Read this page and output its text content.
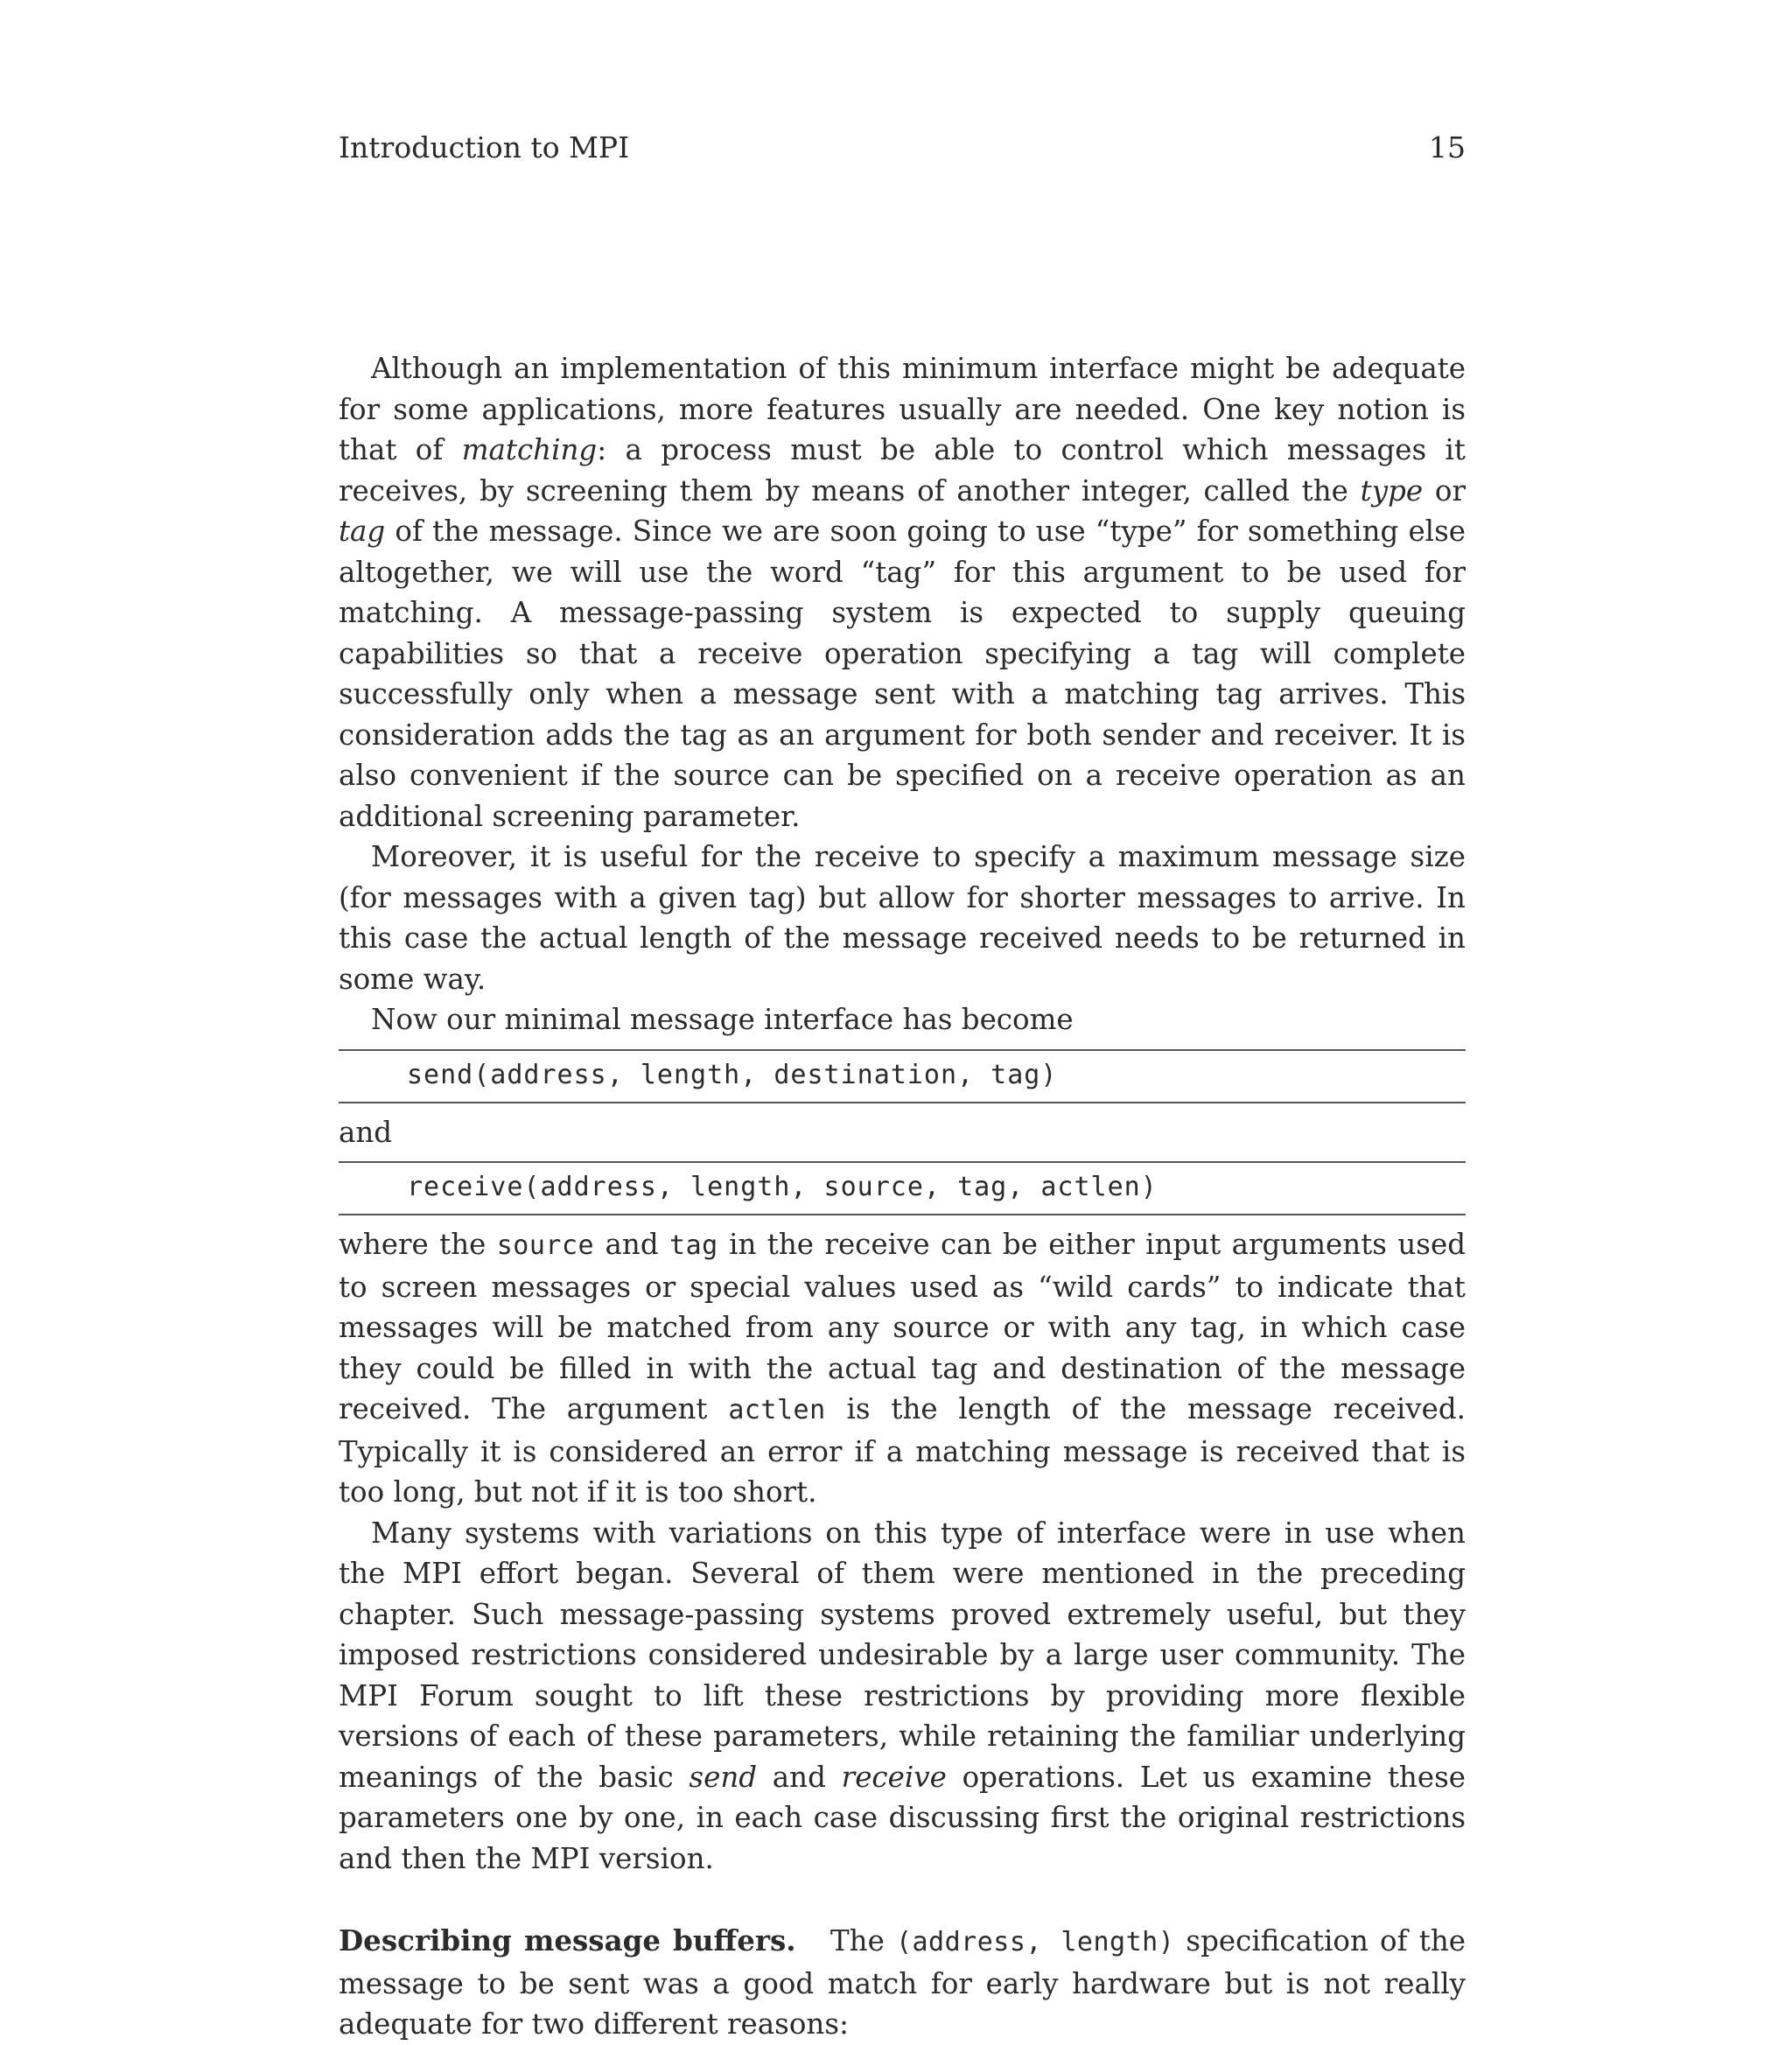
Introduction to MPI	15

Although an implementation of this minimum interface might be adequate for some applications, more features usually are needed. One key notion is that of matching: a process must be able to control which messages it receives, by screening them by means of another integer, called the type or tag of the message. Since we are soon going to use “type” for something else altogether, we will use the word “tag” for this argument to be used for matching. A message-passing system is expected to supply queuing capabilities so that a receive operation specifying a tag will complete successfully only when a message sent with a matching tag arrives. This consideration adds the tag as an argument for both sender and receiver. It is also convenient if the source can be specified on a receive operation as an additional screening parameter.

Moreover, it is useful for the receive to specify a maximum message size (for messages with a given tag) but allow for shorter messages to arrive. In this case the actual length of the message received needs to be returned in some way.

Now our minimal message interface has become

send(address, length, destination, tag)

and

receive(address, length, source, tag, actlen)

where the source and tag in the receive can be either input arguments used to screen messages or special values used as “wild cards” to indicate that messages will be matched from any source or with any tag, in which case they could be filled in with the actual tag and destination of the message received. The argument actlen is the length of the message received. Typically it is considered an error if a matching message is received that is too long, but not if it is too short.

Many systems with variations on this type of interface were in use when the MPI effort began. Several of them were mentioned in the preceding chapter. Such message-passing systems proved extremely useful, but they imposed restrictions considered undesirable by a large user community. The MPI Forum sought to lift these restrictions by providing more flexible versions of each of these parameters, while retaining the familiar underlying meanings of the basic send and receive operations. Let us examine these parameters one by one, in each case discussing first the original restrictions and then the MPI version.

Describing message buffers. The (address, length) specification of the message to be sent was a good match for early hardware but is not really adequate for two different reasons:
